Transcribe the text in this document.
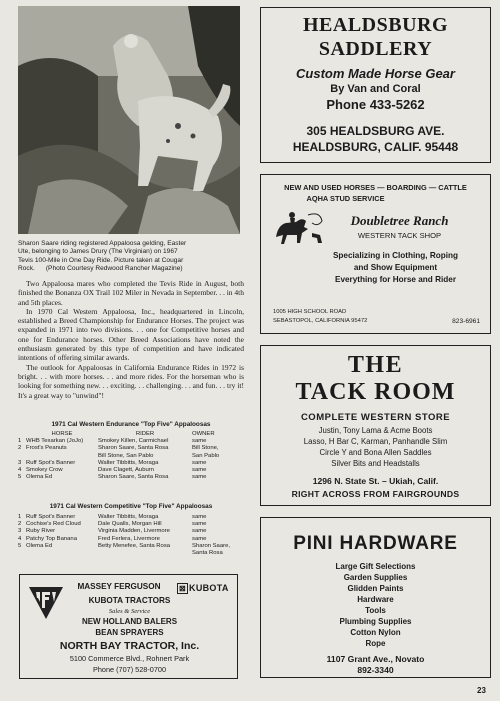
Sharon Saare riding registered Appaloosa gelding, Easter

Ute, belonging to James Drury (The Virginian) on 1967

Tevis 100-Mile in One Day Ride. Picture taken at Cougar

Rock.      (Photo Courtesy Redwood Rancher Magazine)

Two Appaloosa mares who completed the Tevis Ride in August, both finished the Bonanza OX Trail 102 Miler in Nevada in September. . . in 4th and 5th places.

In 1970 Cal Western Appaloosa, Inc., headquartered in Lincoln, established a Breed Championship for Endurance Horses. The project was expanded in 1971 into two divisions. . . one for Competitive horses and one for Endurance horses. Other Breed Associations have noted the enthusiasm generated by this type of competition and have indicated intentions of offering similar awards.

The outlook for Appaloosas in California Endurance Rides in 1972 is bright. . . with more horses. . . and more rides. For the horseman who is looking for something new. . . exciting. . . challenging. . . and fun. . . try it! It's a great way to "unwind"!

1971 Cal Western Endurance "Top Five" Appaloosas
	HORSE	RIDER	OWNER
1	WHB Texarkan (JoJo)	Smokey Killen, Carmichael	same
2	Frost's Peanuts	Sharon Saare, Santa Rosa	Bill Stone,
		Bill Stone, San Pablo	San Pablo
3	Ruff Spot's Banner	Walter Tibbitts, Moraga	same
4	Smokey Crow	Dave Clagett, Auburn	same
5	Olema Ed	Sharon Saare, Santa Rosa	same
1971 Cal Western Competitive "Top Five" Appaloosas
1	Ruff Spot's Banner	Walter Tibbitts, Moraga	same
2	Cochise's Red Cloud	Dale Qualls, Morgan Hill	same
3	Ruby River	Virginia Madden, Livermore	same
4	Patchy Top Banana	Fred Ferlera, Livermore	same
5	Olema Ed	Betty Menefee, Santa Rosa	Sharon Saare,
			Santa Rosa
⊠ KUBOTA
MASSEY FERGUSON
KUBOTA TRACTORS
Sales & Service
NEW HOLLAND BALERS
BEAN SPRAYERS
NORTH BAY TRACTOR, Inc.
5100 Commerce Blvd., Rohnert Park
Phone (707) 528-0700
HEALDSBURG
SADDLERY
Custom Made Horse Gear
By Van and Coral
Phone 433-5262
305 HEALDSBURG AVE.
HEALDSBURG, CALIF. 95448
NEW AND USED HORSES — BOARDING — CATTLE
AQHA STUD SERVICE
Doubletree Ranch
WESTERN TACK SHOP
Specializing in Clothing, Roping
and Show Equipment
Everything for Horse and Rider
1005 HIGH SCHOOL ROAD
SEBASTOPOL, CALIFORNIA 95472	823-6961
THE
TACK ROOM
COMPLETE WESTERN STORE
Justin, Tony Lama & Acme Boots
Lasso, H Bar C, Karman, Panhandle Slim
Circle Y and Bona Allen Saddles
Silver Bits and Headstalls
1296 N. State St. – Ukiah, Calif.
RIGHT ACROSS FROM FAIRGROUNDS
PINI HARDWARE
Large Gift Selections
Garden Supplies
Glidden Paints
Hardware
Tools
Plumbing Supplies
Cotton Nylon
Rope
1107 Grant Ave., Novato
892-3340
23
